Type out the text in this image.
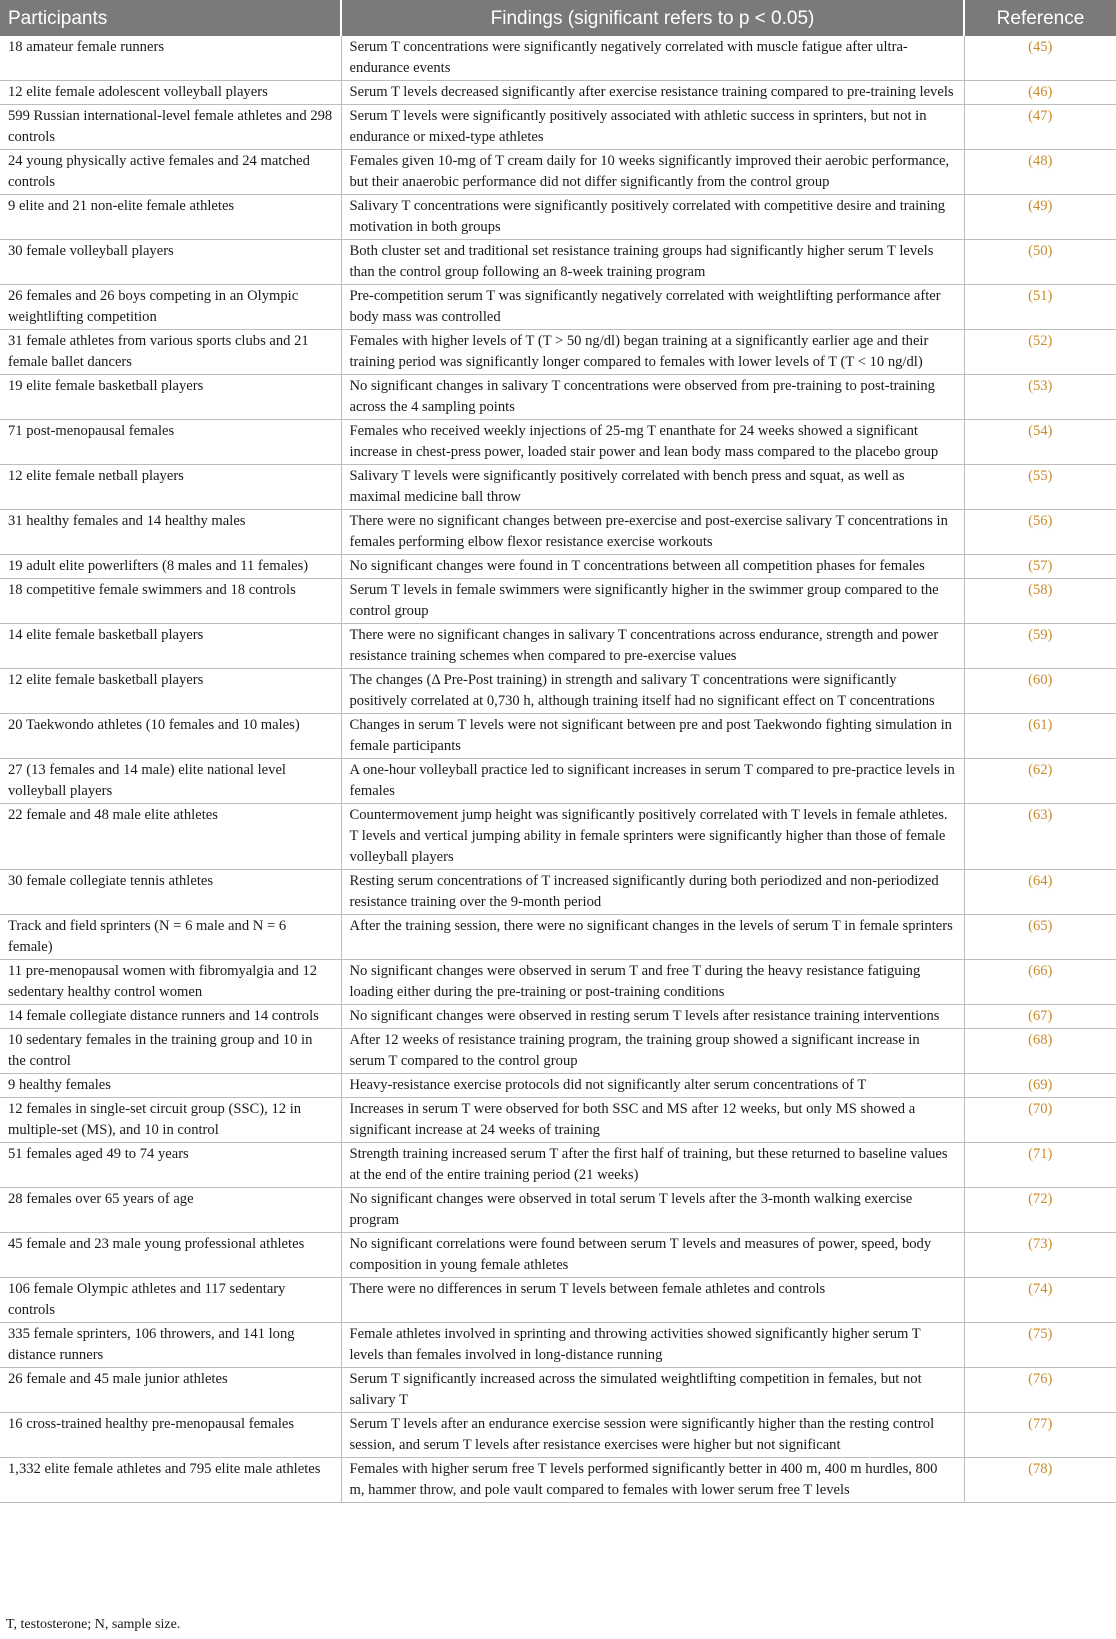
Participants	Findings (significant refers to p < 0.05)	Reference
18 amateur female runners	Serum T concentrations were significantly negatively correlated with muscle fatigue after ultra-endurance events	(45)
12 elite female adolescent volleyball players	Serum T levels decreased significantly after exercise resistance training compared to pre-training levels	(46)
599 Russian international-level female athletes and 298 controls	Serum T levels were significantly positively associated with athletic success in sprinters, but not in endurance or mixed-type athletes	(47)
24 young physically active females and 24 matched controls	Females given 10-mg of T cream daily for 10 weeks significantly improved their aerobic performance, but their anaerobic performance did not differ significantly from the control group	(48)
9 elite and 21 non-elite female athletes	Salivary T concentrations were significantly positively correlated with competitive desire and training motivation in both groups	(49)
30 female volleyball players	Both cluster set and traditional set resistance training groups had significantly higher serum T levels than the control group following an 8-week training program	(50)
26 females and 26 boys competing in an Olympic weightlifting competition	Pre-competition serum T was significantly negatively correlated with weightlifting performance after body mass was controlled	(51)
31 female athletes from various sports clubs and 21 female ballet dancers	Females with higher levels of T (T > 50 ng/dl) began training at a significantly earlier age and their training period was significantly longer compared to females with lower levels of T (T < 10 ng/dl)	(52)
19 elite female basketball players	No significant changes in salivary T concentrations were observed from pre-training to post-training across the 4 sampling points	(53)
71 post-menopausal females	Females who received weekly injections of 25-mg T enanthate for 24 weeks showed a significant increase in chest-press power, loaded stair power and lean body mass compared to the placebo group	(54)
12 elite female netball players	Salivary T levels were significantly positively correlated with bench press and squat, as well as maximal medicine ball throw	(55)
31 healthy females and 14 healthy males	There were no significant changes between pre-exercise and post-exercise salivary T concentrations in females performing elbow flexor resistance exercise workouts	(56)
19 adult elite powerlifters (8 males and 11 females)	No significant changes were found in T concentrations between all competition phases for females	(57)
18 competitive female swimmers and 18 controls	Serum T levels in female swimmers were significantly higher in the swimmer group compared to the control group	(58)
14 elite female basketball players	There were no significant changes in salivary T concentrations across endurance, strength and power resistance training schemes when compared to pre-exercise values	(59)
12 elite female basketball players	The changes (Δ Pre-Post training) in strength and salivary T concentrations were significantly positively correlated at 0,730 h, although training itself had no significant effect on T concentrations	(60)
20 Taekwondo athletes (10 females and 10 males)	Changes in serum T levels were not significant between pre and post Taekwondo fighting simulation in female participants	(61)
27 (13 females and 14 male) elite national level volleyball players	A one-hour volleyball practice led to significant increases in serum T compared to pre-practice levels in females	(62)
22 female and 48 male elite athletes	Countermovement jump height was significantly positively correlated with T levels in female athletes. T levels and vertical jumping ability in female sprinters were significantly higher than those of female volleyball players	(63)
30 female collegiate tennis athletes	Resting serum concentrations of T increased significantly during both periodized and non-periodized resistance training over the 9-month period	(64)
Track and field sprinters (N = 6 male and N = 6 female)	After the training session, there were no significant changes in the levels of serum T in female sprinters	(65)
11 pre-menopausal women with fibromyalgia and 12 sedentary healthy control women	No significant changes were observed in serum T and free T during the heavy resistance fatiguing loading either during the pre-training or post-training conditions	(66)
14 female collegiate distance runners and 14 controls	No significant changes were observed in resting serum T levels after resistance training interventions	(67)
10 sedentary females in the training group and 10 in the control	After 12 weeks of resistance training program, the training group showed a significant increase in serum T compared to the control group	(68)
9 healthy females	Heavy-resistance exercise protocols did not significantly alter serum concentrations of T	(69)
12 females in single-set circuit group (SSC), 12 in multiple-set (MS), and 10 in control	Increases in serum T were observed for both SSC and MS after 12 weeks, but only MS showed a significant increase at 24 weeks of training	(70)
51 females aged 49 to 74 years	Strength training increased serum T after the first half of training, but these returned to baseline values at the end of the entire training period (21 weeks)	(71)
28 females over 65 years of age	No significant changes were observed in total serum T levels after the 3-month walking exercise program	(72)
45 female and 23 male young professional athletes	No significant correlations were found between serum T levels and measures of power, speed, body composition in young female athletes	(73)
106 female Olympic athletes and 117 sedentary controls	There were no differences in serum T levels between female athletes and controls	(74)
335 female sprinters, 106 throwers, and 141 long distance runners	Female athletes involved in sprinting and throwing activities showed significantly higher serum T levels than females involved in long-distance running	(75)
26 female and 45 male junior athletes	Serum T significantly increased across the simulated weightlifting competition in females, but not salivary T	(76)
16 cross-trained healthy pre-menopausal females	Serum T levels after an endurance exercise session were significantly higher than the resting control session, and serum T levels after resistance exercises were higher but not significant	(77)
1,332 elite female athletes and 795 elite male athletes	Females with higher serum free T levels performed significantly better in 400 m, 400 m hurdles, 800 m, hammer throw, and pole vault compared to females with lower serum free T levels	(78)
T, testosterone; N, sample size.
